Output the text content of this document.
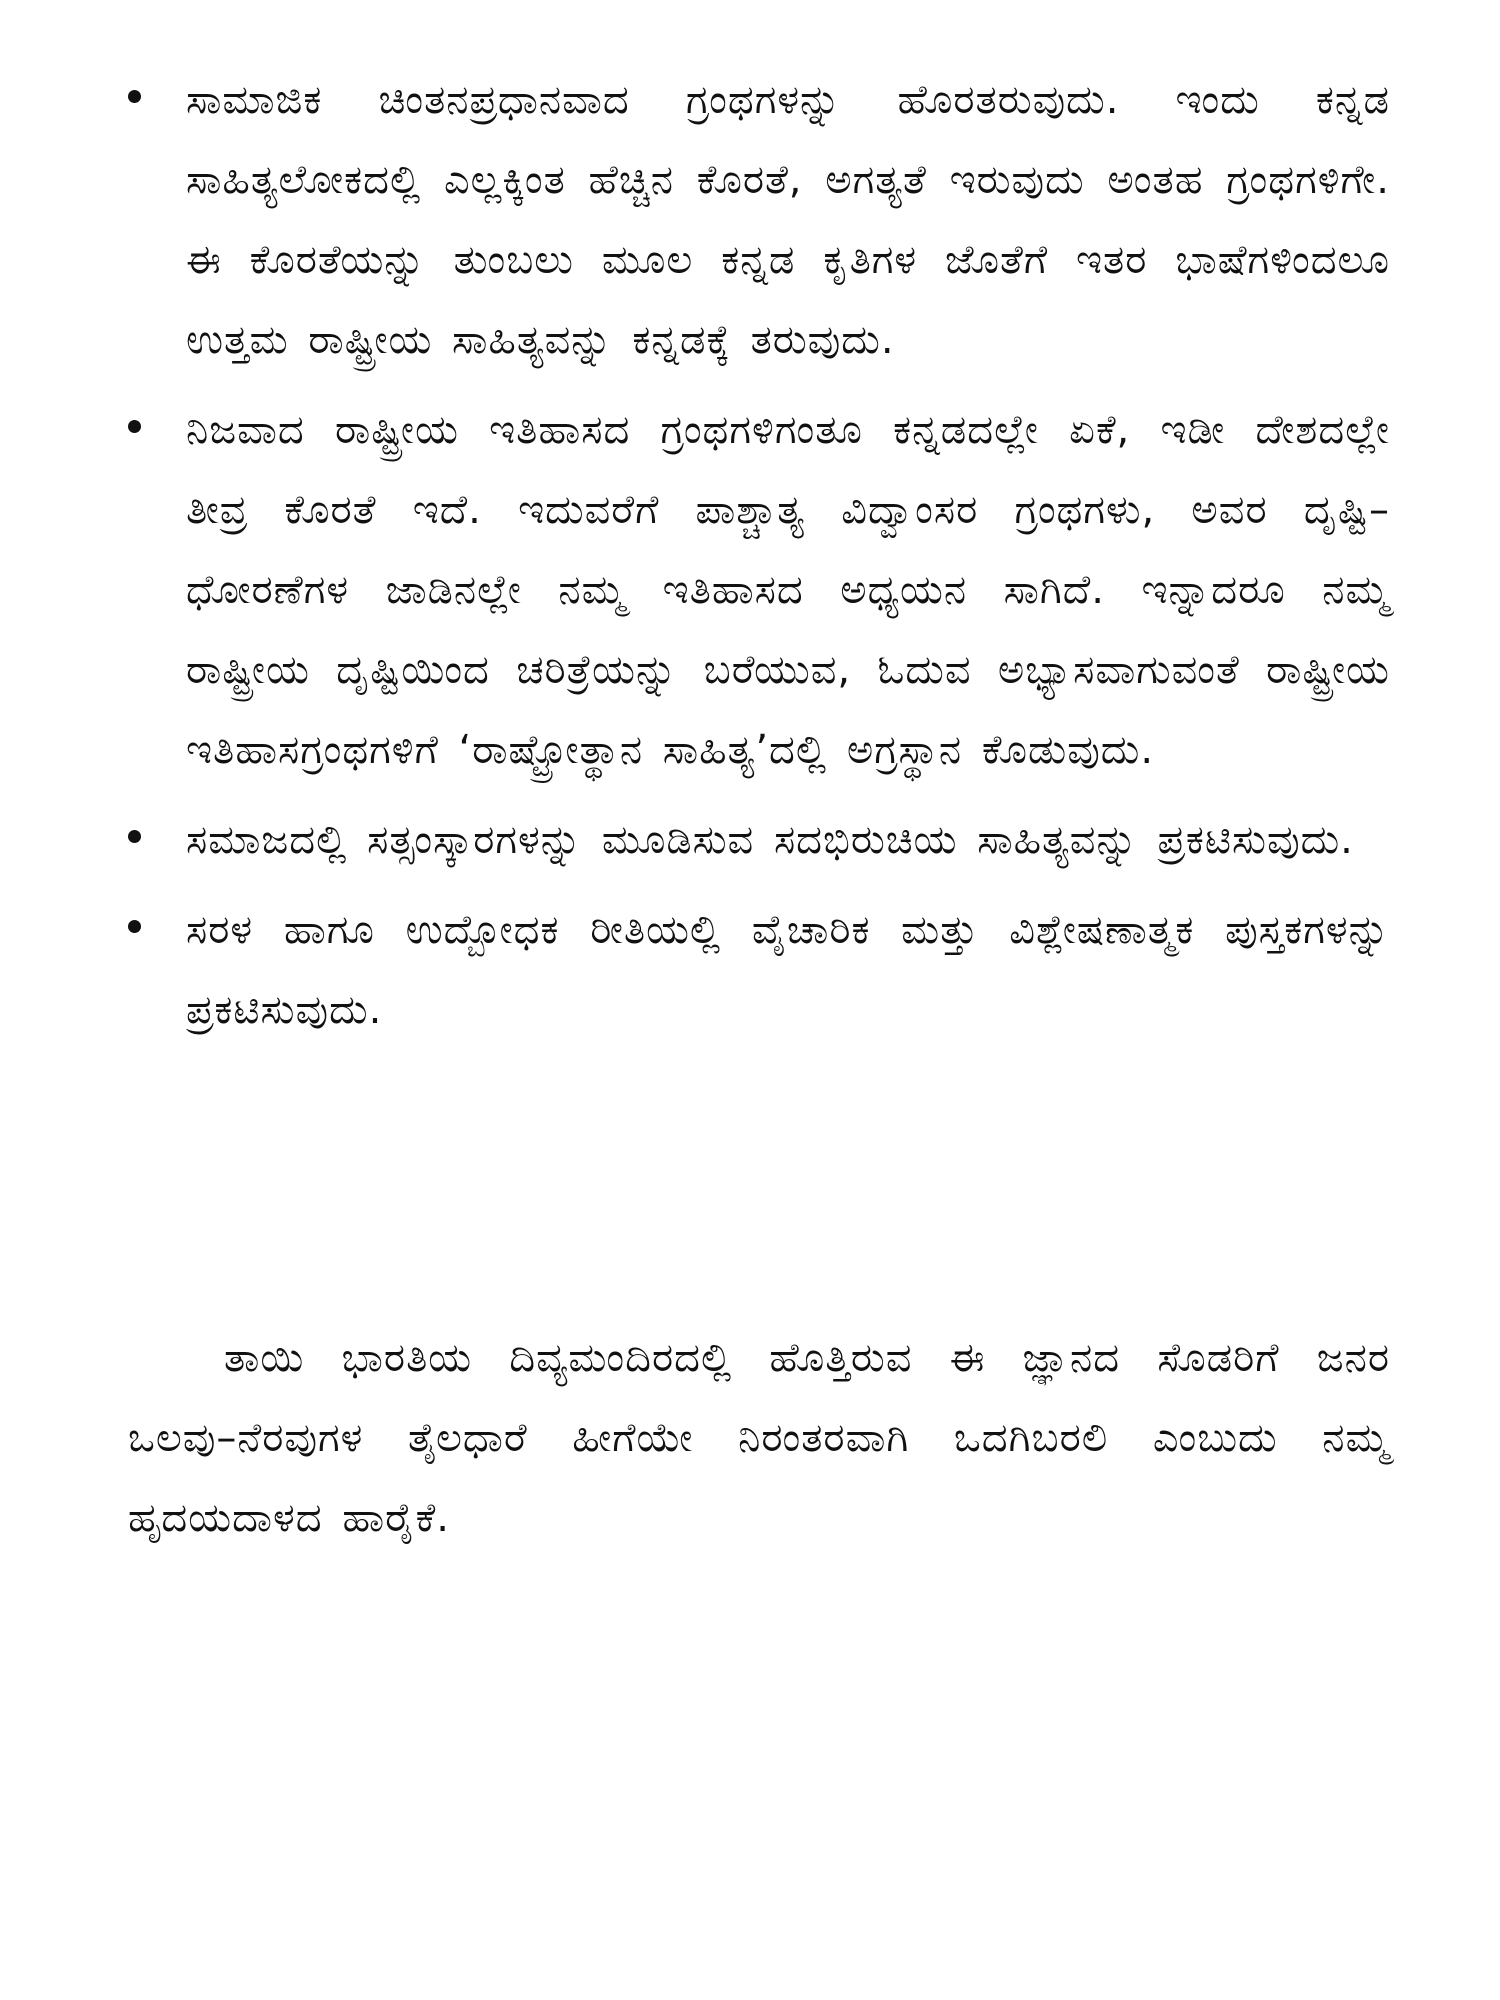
ಸಾಮಾಜಿಕ ಚಿಂತನಪ್ರಧಾನವಾದ ಗ್ರಂಥಗಳನ್ನು ಹೊರತರುವುದು. ಇಂದು ಕನ್ನಡ ಸಾಹಿತ್ಯಲೋಕದಲ್ಲಿ ಎಲ್ಲಕ್ಕಿಂತ ಹೆಚ್ಚಿನ ಕೊರತೆ, ಅಗತ್ಯತೆ ಇರುವುದು ಅಂತಹ ಗ್ರಂಥಗಳಿಗೇ. ಈ ಕೊರತೆಯನ್ನು ತುಂಬಲು ಮೂಲ ಕನ್ನಡ ಕೃತಿಗಳ ಜೊತೆಗೆ ಇತರ ಭಾಷೆಗಳಿಂದಲೂ ಉತ್ತಮ ರಾಷ್ಟ್ರೀಯ ಸಾಹಿತ್ಯವನ್ನು ಕನ್ನಡಕ್ಕೆ ತರುವುದು.

ನಿಜವಾದ ರಾಷ್ಟ್ರೀಯ ಇತಿಹಾಸದ ಗ್ರಂಥಗಳಿಗಂತೂ ಕನ್ನಡದಲ್ಲೇ ಏಕೆ, ಇಡೀ ದೇಶದಲ್ಲೇ ತೀವ್ರ ಕೊರತೆ ಇದೆ. ಇದುವರೆಗೆ ಪಾಶ್ಚಾತ್ಯ ವಿದ್ವಾಂಸರ ಗ್ರಂಥಗಳು, ಅವರ ದೃಷ್ಟಿ–ಧೋರಣೆಗಳ ಜಾಡಿನಲ್ಲೇ ನಮ್ಮ ಇತಿಹಾಸದ ಅಧ್ಯಯನ ಸಾಗಿದೆ. ಇನ್ನಾದರೂ ನಮ್ಮ ರಾಷ್ಟ್ರೀಯ ದೃಷ್ಟಿಯಿಂದ ಚರಿತ್ರೆಯನ್ನು ಬರೆಯುವ, ಓದುವ ಅಭ್ಯಾಸವಾಗುವಂತೆ ರಾಷ್ಟ್ರೀಯ ಇತಿಹಾಸಗ್ರಂಥಗಳಿಗೆ ‘ರಾಷ್ಟ್ರೋತ್ಥಾನ ಸಾಹಿತ್ಯ’ದಲ್ಲಿ ಅಗ್ರಸ್ಥಾನ ಕೊಡುವುದು.

ಸಮಾಜದಲ್ಲಿ ಸತ್ಸಂಸ್ಕಾರಗಳನ್ನು ಮೂಡಿಸುವ ಸದಭಿರುಚಿಯ ಸಾಹಿತ್ಯವನ್ನು ಪ್ರಕಟಿಸುವುದು.

ಸರಳ ಹಾಗೂ ಉದ್ಬೋಧಕ ರೀತಿಯಲ್ಲಿ ವೈಚಾರಿಕ ಮತ್ತು ವಿಶ್ಲೇಷಣಾತ್ಮಕ ಪುಸ್ತಕಗಳನ್ನು ಪ್ರಕಟಿಸುವುದು.

ತಾಯಿ ಭಾರತಿಯ ದಿವ್ಯಮಂದಿರದಲ್ಲಿ ಹೊತ್ತಿರುವ ಈ ಜ್ಞಾನದ ಸೊಡರಿಗೆ ಜನರ ಒಲವು–ನೆರವುಗಳ ತೈಲಧಾರೆ ಹೀಗೆಯೇ ನಿರಂತರವಾಗಿ ಒದಗಿಬರಲಿ ಎಂಬುದು ನಮ್ಮ ಹೃದಯದಾಳದ ಹಾರೈಕೆ.
